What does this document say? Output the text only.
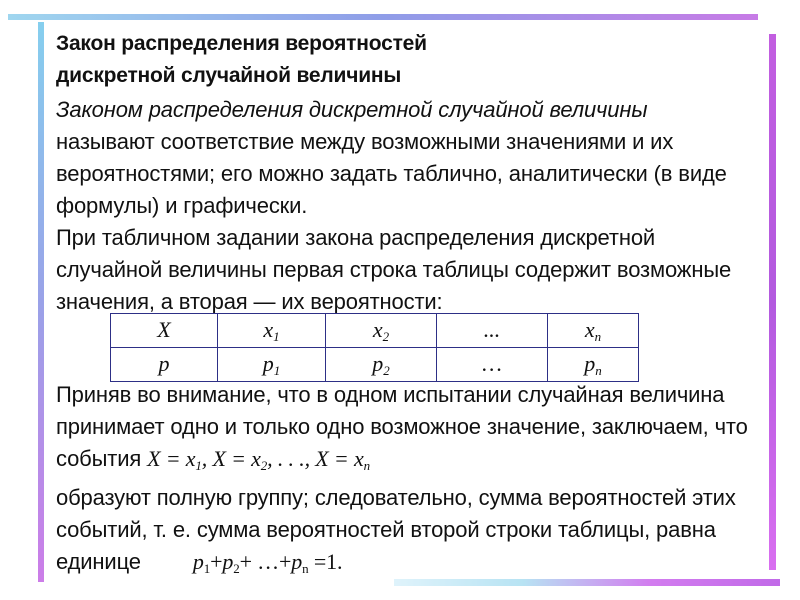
Закон распределения вероятностей
дискретной случайной величины

Законом распределения дискретной случайной величины
называют соответствие между возможными значениями и их вероятностями; его можно задать таблично, аналитически (в виде формулы) и графически.

При табличном задании закона распределения дискретной случайной величины первая строка таблицы содержит возможные значения, а вторая — их вероятности:

X	$x_1$	$x_2$	...	$x_n$
p	$p_1$	$p_2$	…	$p_n$

Приняв во внимание, что в одном испытании случайная величина принимает одно и только одно возможное значение, заключаем, что события $X = x_1$, $X = x_2$, . . ., $X = x_n$
образуют полную группу; следовательно, сумма вероятностей этих событий, т. е. сумма вероятностей второй строки таблицы, равна единице $p_1+p_2+$ $\dots+p_n =1$.
